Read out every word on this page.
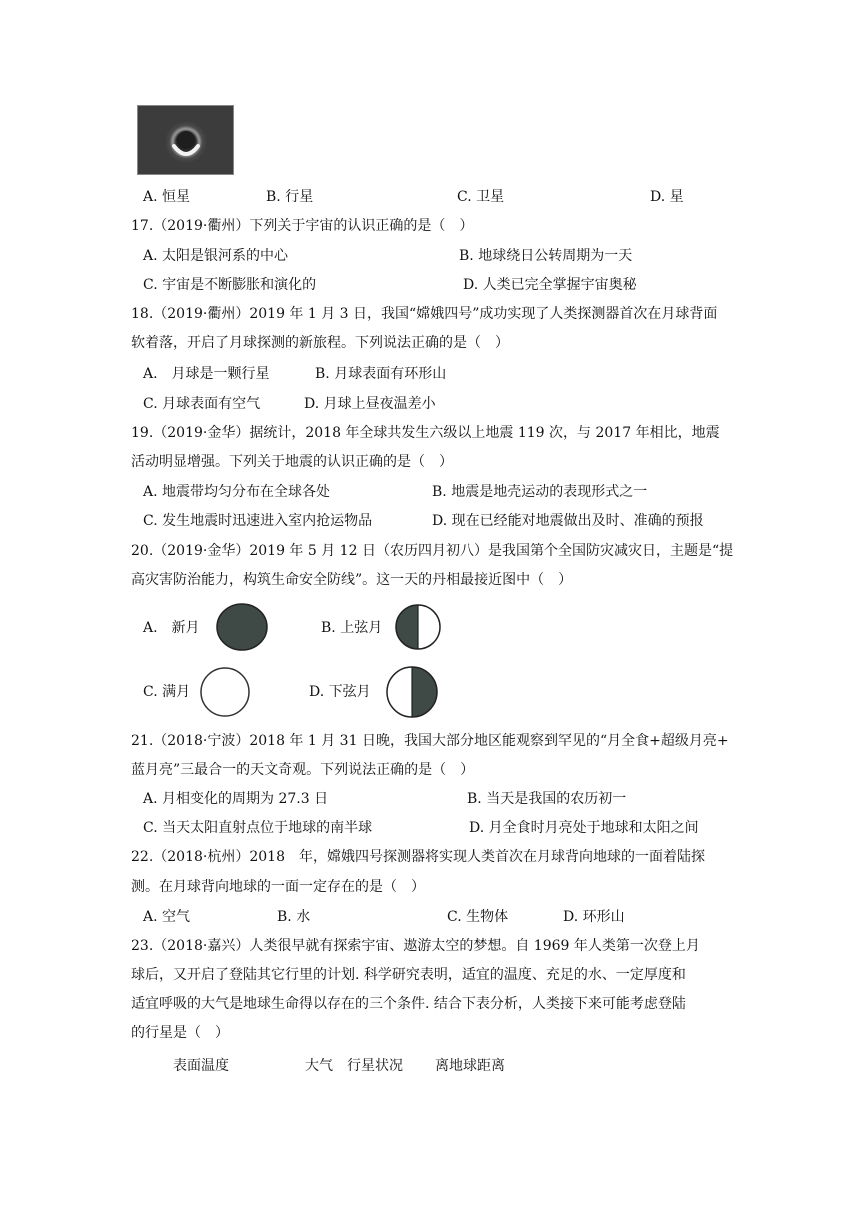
A. 恒星	B. 行星	C. 卫星	D. 星
17.（2019·衢州）下列关于宇宙的认识正确的是（　）
A. 太阳是银河系的中心	B. 地球绕日公转周期为一天
C. 宇宙是不断膨胀和演化的	D. 人类已完全掌握宇宙奥秘
18.（2019·衢州）2019 年 1 月 3 日，我国“嫦娥四号”成功实现了人类探测器首次在月球背面
软着落，开启了月球探测的新旅程。下列说法正确的是（　）
A.　月球是一颗行星	B. 月球表面有环形山
C. 月球表面有空气	D. 月球上昼夜温差小
19.（2019·金华）据统计，2018 年全球共发生六级以上地震 119 次，与 2017 年相比，地震
活动明显增强。下列关于地震的认识正确的是（　）
A. 地震带均匀分布在全球各处	B. 地震是地壳运动的表现形式之一
C. 发生地震时迅速进入室内抢运物品	D. 现在已经能对地震做出及时、准确的预报
20.（2019·金华）2019 年 5 月 12 日（农历四月初八）是我国第个全国防灾减灾日，主题是“提
高灾害防治能力，构筑生命安全防线”。这一天的丹相最接近图中（　）
A.　新月	B. 上弦月
C. 满月	D. 下弦月
21.（2018·宁波）2018 年 1 月 31 日晚，我国大部分地区能观察到罕见的“月全食+超级月亮+
蓝月亮”三最合一的天文奇观。下列说法正确的是（　）
A. 月相变化的周期为 27.3 日	B. 当天是我国的农历初一
C. 当天太阳直射点位于地球的南半球	D. 月全食时月亮处于地球和太阳之间
22.（2018·杭州）2018　年，嫦娥四号探测器将实现人类首次在月球背向地球的一面着陆探
测。在月球背向地球的一面一定存在的是（　）
A. 空气	B. 水	C. 生物体	D. 环形山
23.（2018·嘉兴）人类很早就有探索宇宙、遨游太空的梦想。自 1969 年人类第一次登上月
球后，又开启了登陆其它行里的计划. 科学研究表明，适宜的温度、充足的水、一定厚度和
适宜呼吸的大气是地球生命得以存在的三个条件. 结合下表分析，人类接下来可能考虑登陆
的行星是（　）
表面温度	大气 行星状况 离地球距离
